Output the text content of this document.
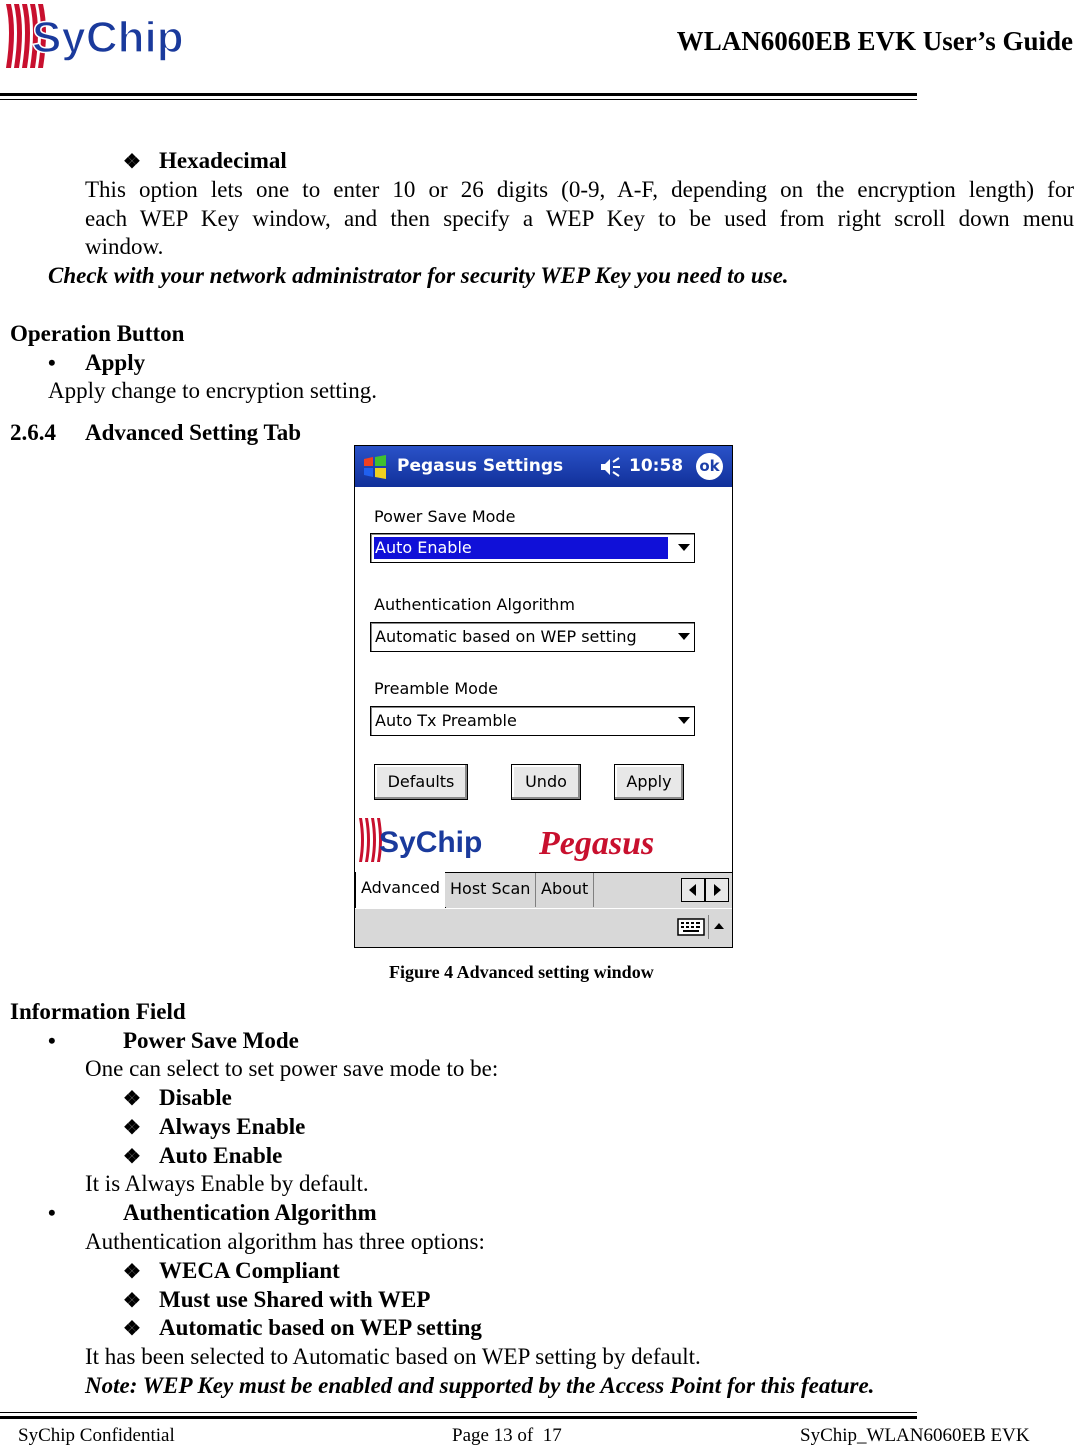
SyChip	WLAN6060EB EVK User’s Guide
❖ Hexadecimal
This option lets one to enter 10 or 26 digits (0-9, A-F, depending on the encryption length) for
each WEP Key window, and then specify a WEP Key to be used from right scroll down menu
window.
Check with your network administrator for security WEP Key you need to use.
Operation Button
• Apply
Apply change to encryption setting.
2.6.4 Advanced Setting Tab
Pegasus Settings	10:58 ok
Power Save Mode
Auto Enable
Authentication Algorithm
Automatic based on WEP setting
Preamble Mode
Auto Tx Preamble
Defaults	Undo	Apply
SyChip Pegasus
Advanced Host Scan About
Figure 4 Advanced setting window
Information Field
•	Power Save Mode
One can select to set power save mode to be:
❖ Disable
❖ Always Enable
❖ Auto Enable
It is Always Enable by default.
•	Authentication Algorithm
Authentication algorithm has three options:
❖ WECA Compliant
❖ Must use Shared with WEP
❖ Automatic based on WEP setting
It has been selected to Automatic based on WEP setting by default.
Note: WEP Key must be enabled and supported by the Access Point for this feature.
SyChip Confidential	Page 13 of  17	SyChip_WLAN6060EB EVK
